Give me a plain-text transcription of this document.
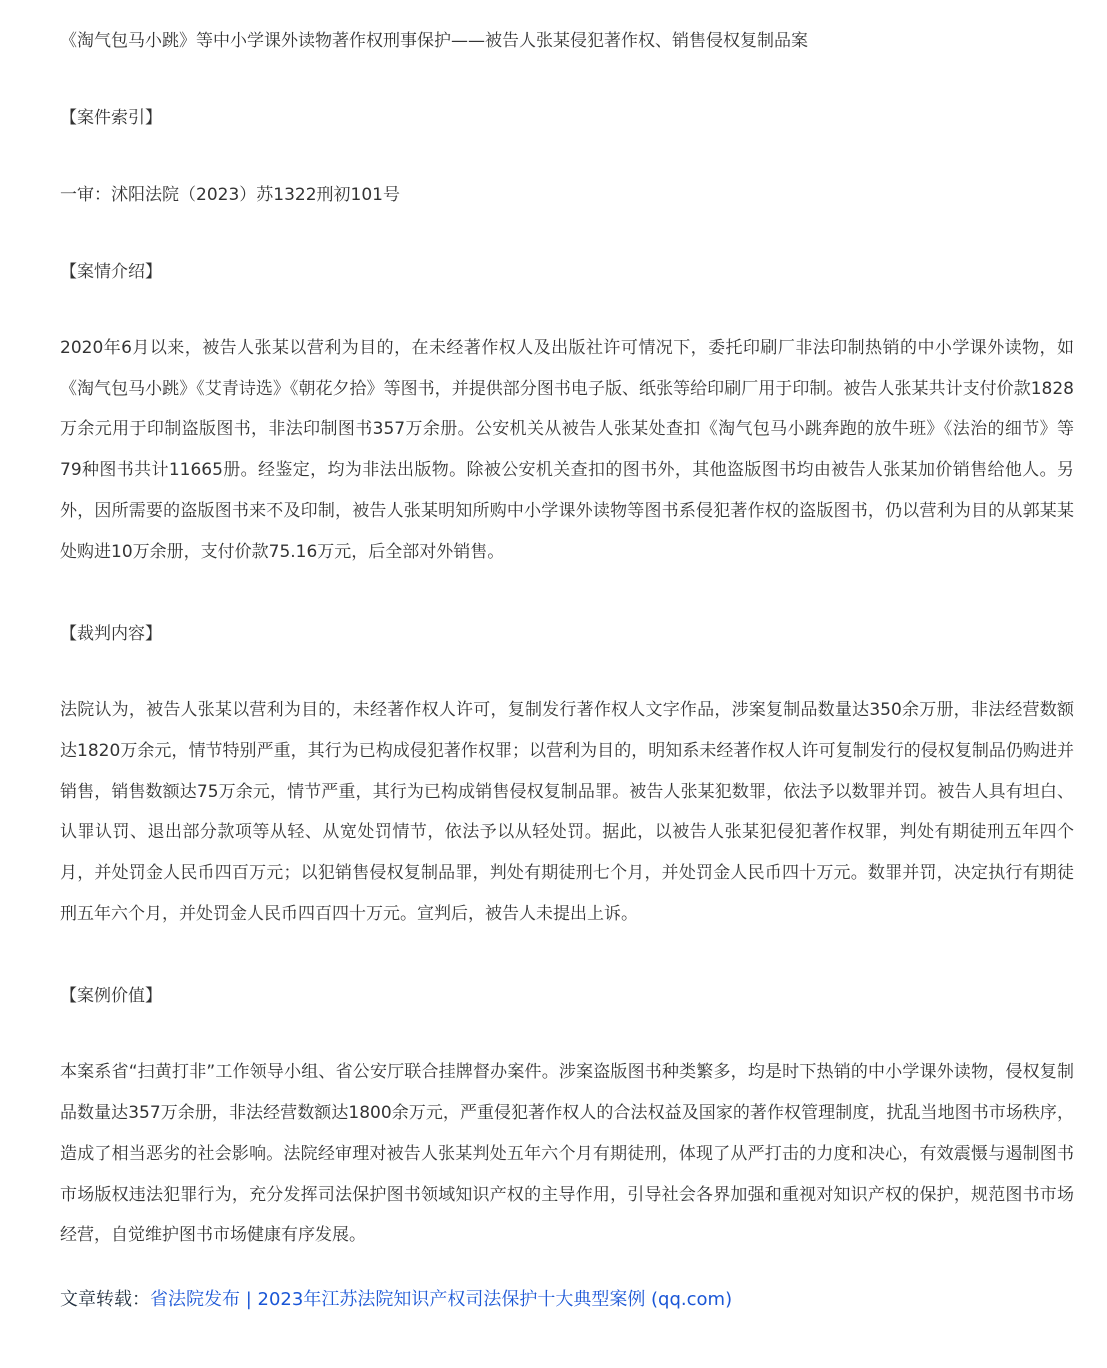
《淘气包马小跳》等中小学课外读物著作权刑事保护——被告人张某侵犯著作权、销售侵权复制品案

【案件索引】

一审：沭阳法院（2023）苏1322刑初101号

【案情介绍】

2020年6月以来，被告人张某以营利为目的，在未经著作权人及出版社许可情况下，委托印刷厂非法印制热销的中小学课外读物，如《淘气包马小跳》《艾青诗选》《朝花夕拾》等图书，并提供部分图书电子版、纸张等给印刷厂用于印制。被告人张某共计支付价款1828万余元用于印制盗版图书，非法印制图书357万余册。公安机关从被告人张某处查扣《淘气包马小跳奔跑的放牛班》《法治的细节》等79种图书共计11665册。经鉴定，均为非法出版物。除被公安机关查扣的图书外，其他盗版图书均由被告人张某加价销售给他人。另外，因所需要的盗版图书来不及印制，被告人张某明知所购中小学课外读物等图书系侵犯著作权的盗版图书，仍以营利为目的从郭某某处购进10万余册，支付价款75.16万元，后全部对外销售。

【裁判内容】

法院认为，被告人张某以营利为目的，未经著作权人许可，复制发行著作权人文字作品，涉案复制品数量达350余万册，非法经营数额达1820万余元，情节特别严重，其行为已构成侵犯著作权罪；以营利为目的，明知系未经著作权人许可复制发行的侵权复制品仍购进并销售，销售数额达75万余元，情节严重，其行为已构成销售侵权复制品罪。被告人张某犯数罪，依法予以数罪并罚。被告人具有坦白、认罪认罚、退出部分款项等从轻、从宽处罚情节，依法予以从轻处罚。据此，以被告人张某犯侵犯著作权罪，判处有期徒刑五年四个月，并处罚金人民币四百万元；以犯销售侵权复制品罪，判处有期徒刑七个月，并处罚金人民币四十万元。数罪并罚，决定执行有期徒刑五年六个月，并处罚金人民币四百四十万元。宣判后，被告人未提出上诉。

【案例价值】

本案系省“扫黄打非”工作领导小组、省公安厅联合挂牌督办案件。涉案盗版图书种类繁多，均是时下热销的中小学课外读物，侵权复制品数量达357万余册，非法经营数额达1800余万元，严重侵犯著作权人的合法权益及国家的著作权管理制度，扰乱当地图书市场秩序，造成了相当恶劣的社会影响。法院经审理对被告人张某判处五年六个月有期徒刑，体现了从严打击的力度和决心，有效震慑与遏制图书市场版权违法犯罪行为，充分发挥司法保护图书领域知识产权的主导作用，引导社会各界加强和重视对知识产权的保护，规范图书市场经营，自觉维护图书市场健康有序发展。

文章转载：省法院发布 | 2023年江苏法院知识产权司法保护十大典型案例 (qq.com)
